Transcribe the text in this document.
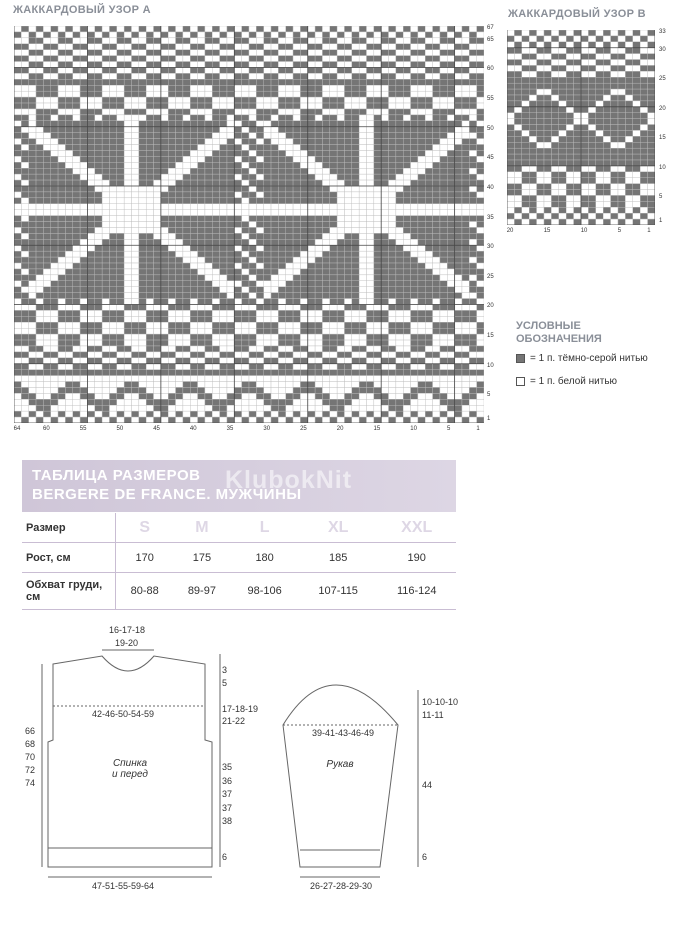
ЖАККАРДОВЫЙ УЗОР А
67
65
60
55
50
45
40
35
30
25
20
15
10
5
1
64	60	55	50	45	40	35	30	25	20	15	10	5	1
ЖАККАРДОВЫЙ УЗОР В
33
30
25
20
15
10
5
1
20	15	10	5	1
УСЛОВНЫЕ
ОБОЗНАЧЕНИЯ
= 1 п. тёмно-серой нитью
= 1 п. белой нитью
ТАБЛИЦА РАЗМЕРОВ
BERGERE DE FRANCE. МУЖЧИНЫ
KlubokNit
Размер	S	M	L	XL	XXL
Рост, см	170	175	180	185	190
Обхват груди,
см	80-88	89-97	98-106	107-115	116-124
16-17-18
19-20
3
5
42-46-50-54-59	17-18-19
21-22
66
68
70
72
74
Спинка
и перед
35
36
37
37
38
6
47-51-55-59-64
10-10-10
11-11
39-41-43-46-49
Рукав
44
6
26-27-28-29-30
